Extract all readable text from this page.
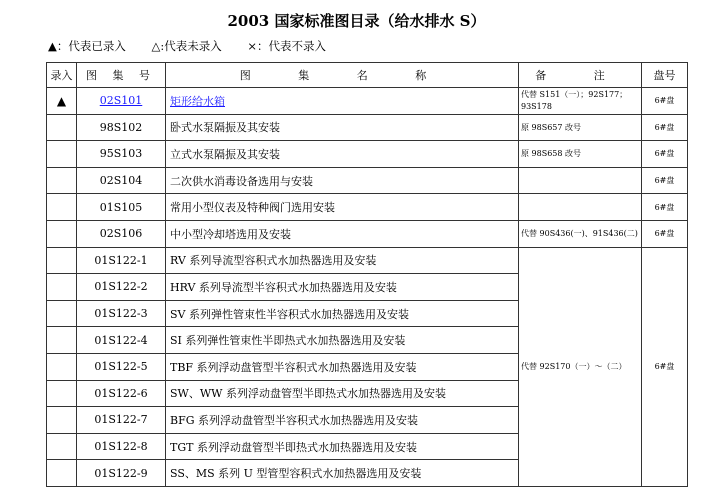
2003 国家标准图目录（给水排水 S）
▲：代表已录入 △:代表未录入 ×：代表不录入
录入	图 集 号	图 集 名 称	备 注	盘号
▲	02S101	矩形给水箱	代替 S151（一）；92S177；93S178	6#盘
	98S102	卧式水泵隔振及其安装	原 98S657 改号	6#盘
	95S103	立式水泵隔振及其安装	原 98S658 改号	6#盘
	02S104	二次供水消毒设备选用与安装		6#盘
	01S105	常用小型仪表及特种阀门选用安装		6#盘
	02S106	中小型冷却塔选用及安装	代替 90S436(一)、91S436(二)	6#盘
	01S122-1	RV 系列导流型容积式水加热器选用及安装	代替 92S170（一）～（二）	6#盘
	01S122-2	HRV 系列导流型半容积式水加热器选用及安装		
	01S122-3	SV 系列弹性管束性半容积式水加热器选用及安装		
	01S122-4	SI 系列弹性管束性半即热式水加热器选用及安装		
	01S122-5	TBF 系列浮动盘管型半容积式水加热器选用及安装		
	01S122-6	SW、WW 系列浮动盘管型半即热式水加热器选用及安装		
	01S122-7	BFG 系列浮动盘管型半容积式水加热器选用及安装		
	01S122-8	TGT 系列浮动盘管型半即热式水加热器选用及安装		
	01S122-9	SS、MS 系列 U 型管型容积式水加热器选用及安装		
